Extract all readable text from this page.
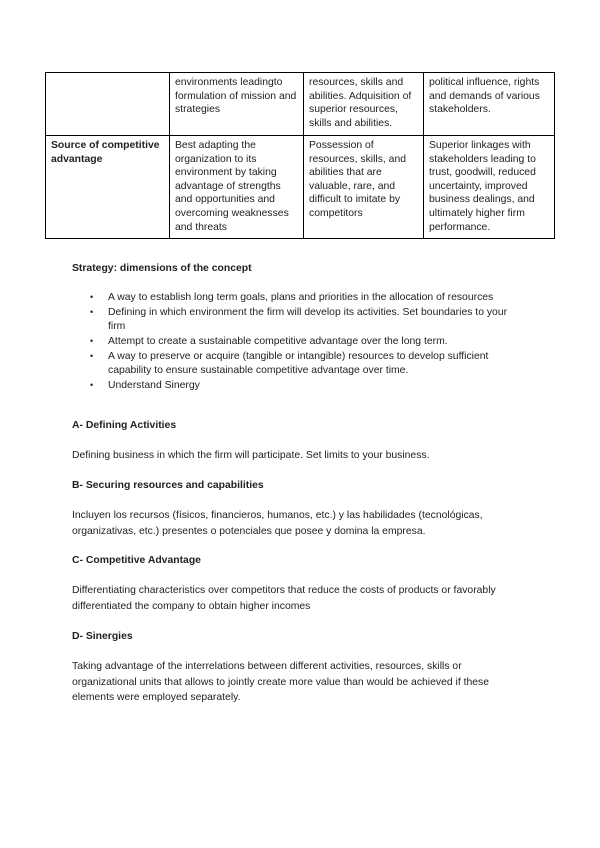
	environments leadingto formulation of mission and strategies	resources, skills and abilities. Adquisition of superior resources, skills and abilities.	political influence, rights and demands of various stakeholders.
Source of competitive advantage	Best adapting the organization to its environment by taking advantage of strengths and opportunities and overcoming weaknesses and threats	Possession of resources, skills, and abilities that are valuable, rare, and difficult to imitate by competitors	Superior linkages with stakeholders leading to trust, goodwill, reduced uncertainty, improved business dealings, and ultimately higher firm performance.
Strategy: dimensions of the concept
• A way to establish long term goals, plans and priorities in the allocation of resources
• Defining in which environment the firm will develop its activities. Set boundaries to your firm
• Attempt to create a sustainable competitive advantage over the long term.
• A way to preserve or acquire (tangible or intangible) resources to develop sufficient capability to ensure sustainable competitive advantage over time.
• Understand Sinergy
A- Defining Activities

Defining business in which the firm will participate. Set limits to your business.

B- Securing resources and capabilities

Incluyen los recursos (físicos, financieros, humanos, etc.) y las habilidades (tecnológicas, organizativas, etc.) presentes o potenciales que posee y domina la empresa.

C- Competitive Advantage

Differentiating characteristics over competitors that reduce the costs of products or favorably differentiated the company to obtain higher incomes

D- Sinergies

Taking advantage of the interrelations between different activities, resources, skills or organizational units that allows to jointly create more value than would be achieved if these elements were employed separately.
